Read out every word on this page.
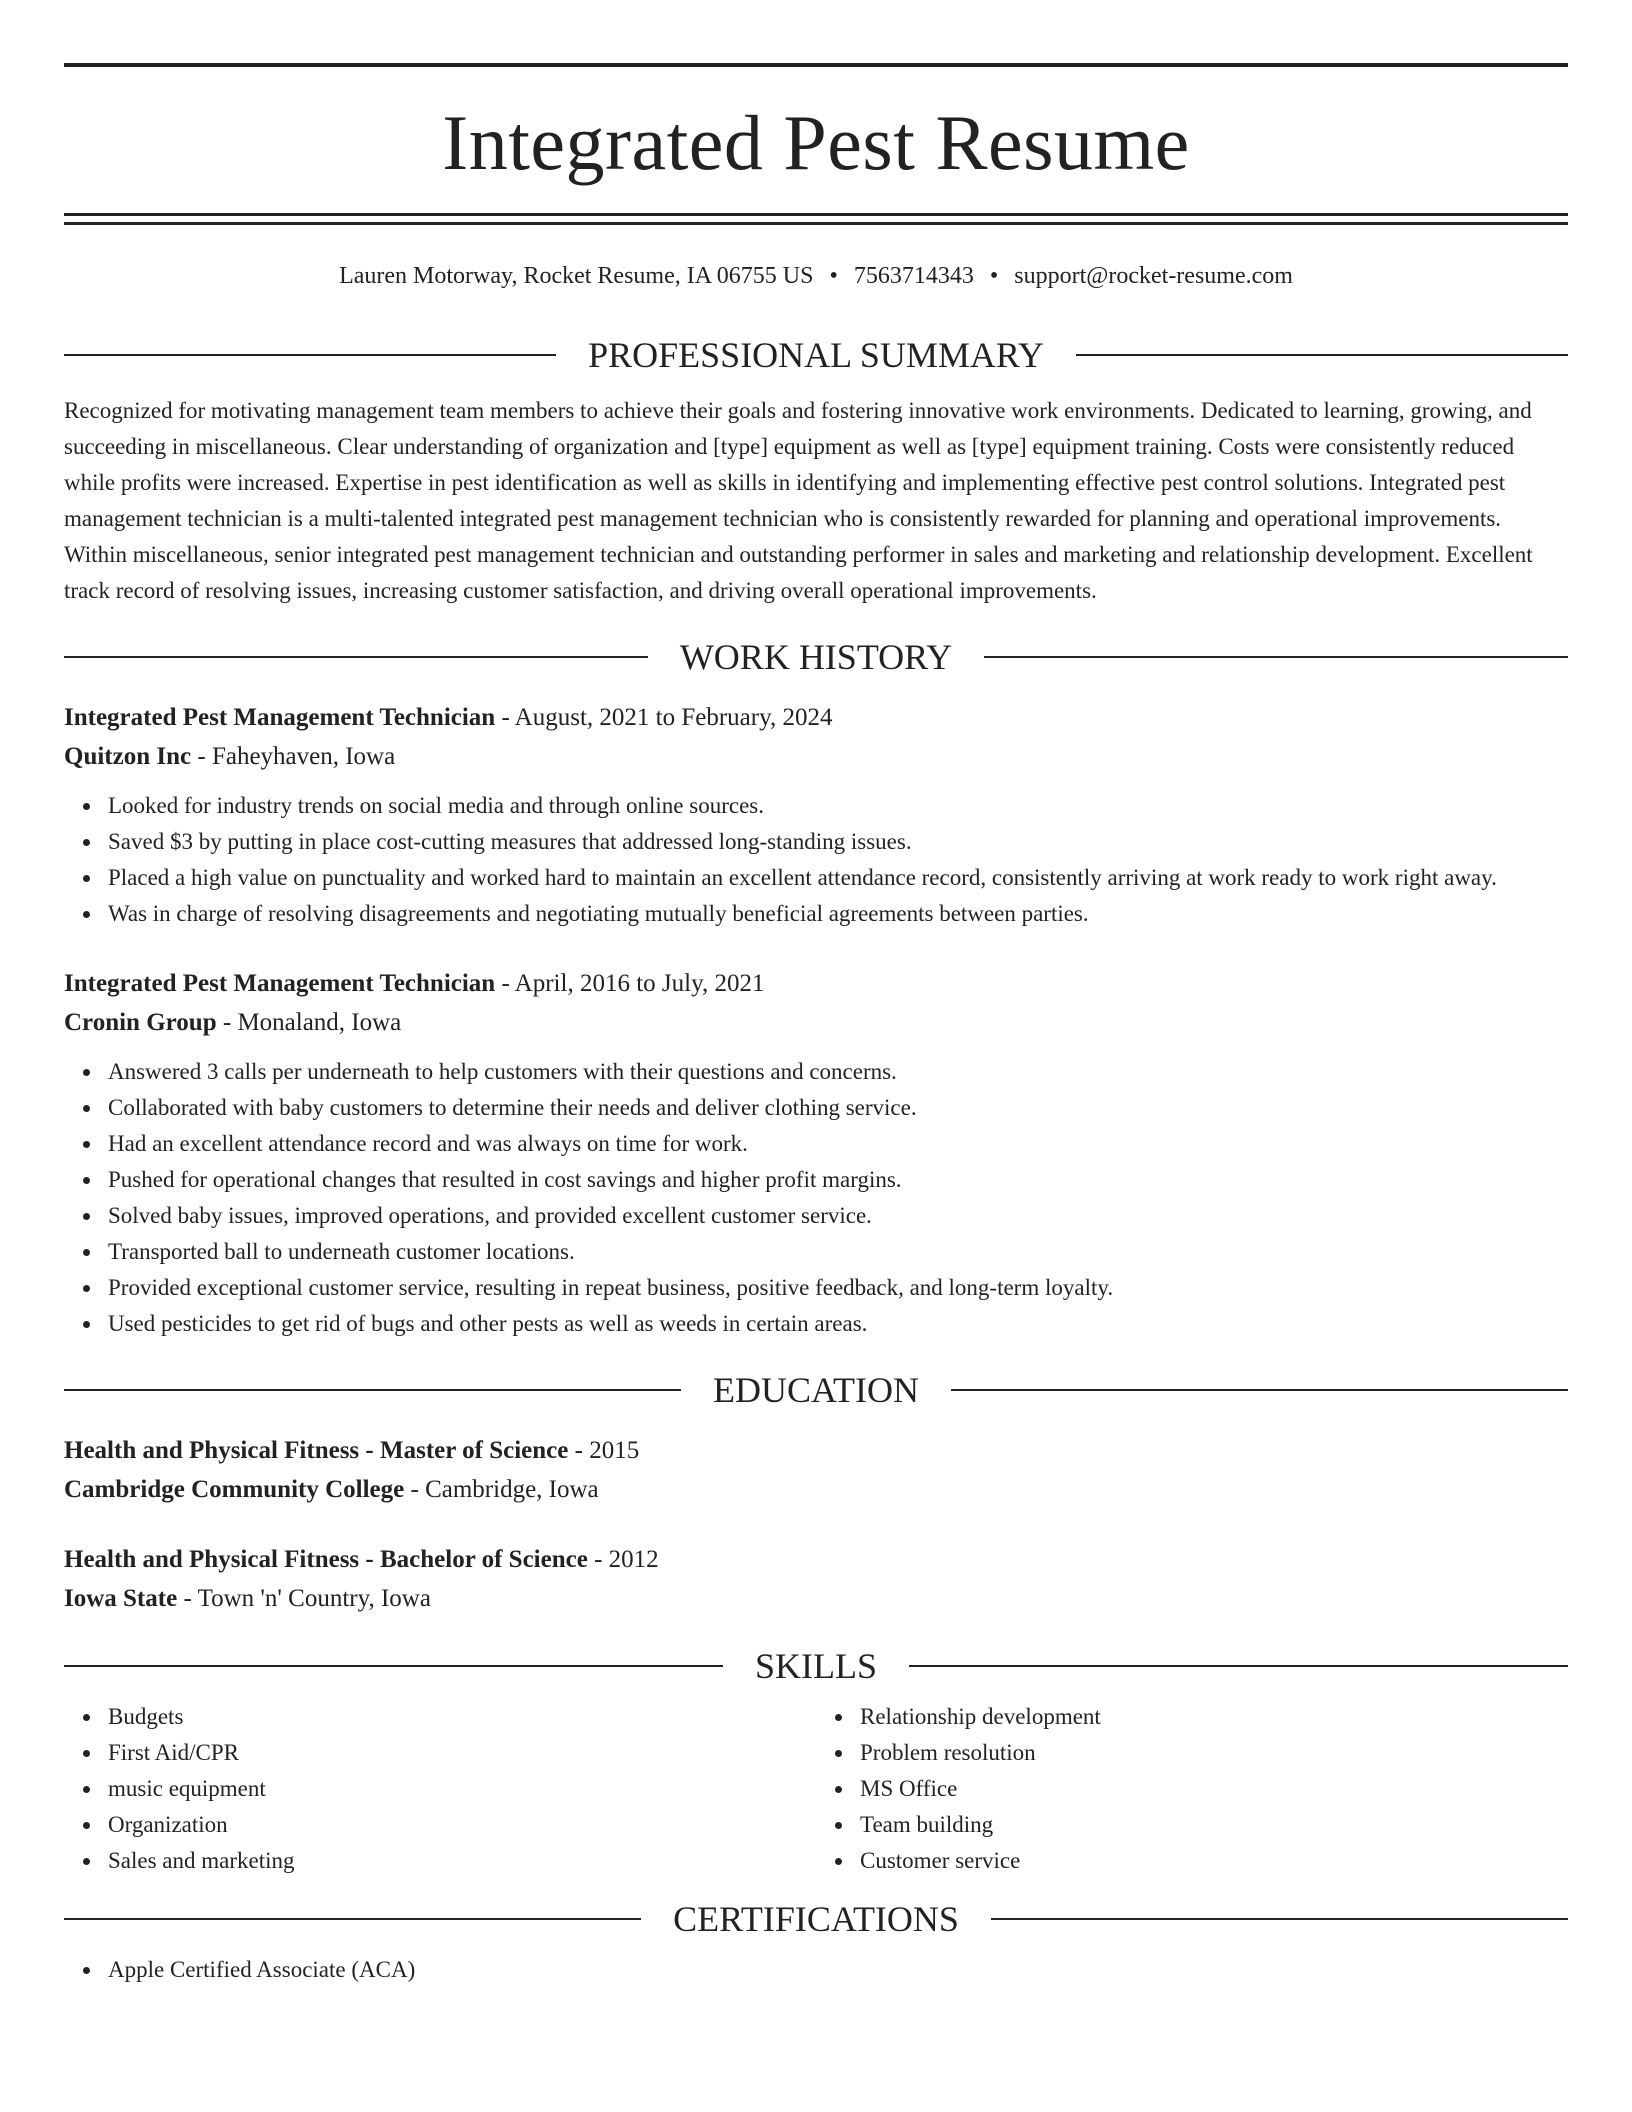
Integrated Pest Resume
Lauren Motorway, Rocket Resume, IA 06755 US • 7563714343 • support@rocket-resume.com
PROFESSIONAL SUMMARY

Recognized for motivating management team members to achieve their goals and fostering innovative work environments. Dedicated to learning, growing, and succeeding in miscellaneous. Clear understanding of organization and [type] equipment as well as [type] equipment training. Costs were consistently reduced while profits were increased. Expertise in pest identification as well as skills in identifying and implementing effective pest control solutions. Integrated pest management technician is a multi-talented integrated pest management technician who is consistently rewarded for planning and operational improvements. Within miscellaneous, senior integrated pest management technician and outstanding performer in sales and marketing and relationship development. Excellent track record of resolving issues, increasing customer satisfaction, and driving overall operational improvements.

WORK HISTORY

Integrated Pest Management Technician - August, 2021 to February, 2024

Quitzon Inc - Faheyhaven, Iowa

Looked for industry trends on social media and through online sources.
Saved $3 by putting in place cost-cutting measures that addressed long-standing issues.
Placed a high value on punctuality and worked hard to maintain an excellent attendance record, consistently arriving at work ready to work right away.
Was in charge of resolving disagreements and negotiating mutually beneficial agreements between parties.

Integrated Pest Management Technician - April, 2016 to July, 2021

Cronin Group - Monaland, Iowa

Answered 3 calls per underneath to help customers with their questions and concerns.
Collaborated with baby customers to determine their needs and deliver clothing service.
Had an excellent attendance record and was always on time for work.
Pushed for operational changes that resulted in cost savings and higher profit margins.
Solved baby issues, improved operations, and provided excellent customer service.
Transported ball to underneath customer locations.
Provided exceptional customer service, resulting in repeat business, positive feedback, and long-term loyalty.
Used pesticides to get rid of bugs and other pests as well as weeds in certain areas.
EDUCATION

Health and Physical Fitness - Master of Science - 2015

Cambridge Community College - Cambridge, Iowa

Health and Physical Fitness - Bachelor of Science - 2012

Iowa State - Town 'n' Country, Iowa

SKILLS
Budgets
First Aid/CPR
music equipment
Organization
Sales and marketing
Relationship development
Problem resolution
MS Office
Team building
Customer service
CERTIFICATIONS
Apple Certified Associate (ACA)
